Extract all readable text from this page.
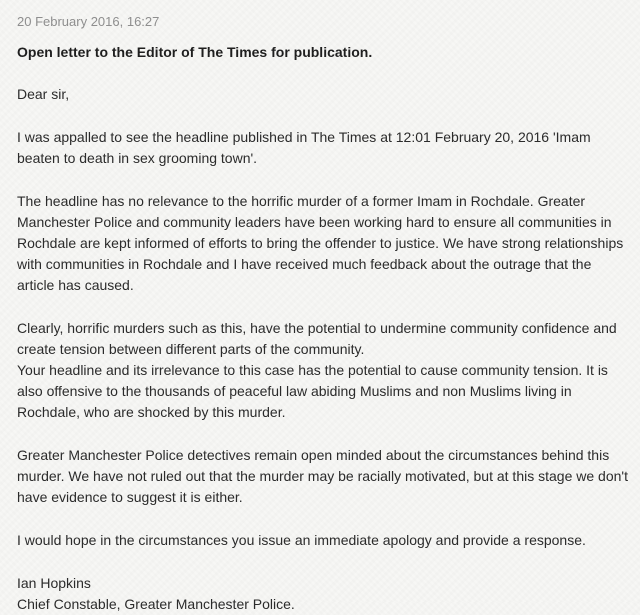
20 February 2016, 16:27
Open letter to the Editor of The Times for publication.
Dear sir,
I was appalled to see the headline published in The Times at 12:01 February 20, 2016 'Imam beaten to death in sex grooming town'.
The headline has no relevance to the horrific murder of a former Imam in Rochdale. Greater Manchester Police and community leaders have been working hard to ensure all communities in Rochdale are kept informed of efforts to bring the offender to justice. We have strong relationships with communities in Rochdale and I have received much feedback about the outrage that the article has caused.
Clearly, horrific murders such as this, have the potential to undermine community confidence and create tension between different parts of the community.
Your headline and its irrelevance to this case has the potential to cause community tension. It is also offensive to the thousands of peaceful law abiding Muslims and non Muslims living in Rochdale, who are shocked by this murder.
Greater Manchester Police detectives remain open minded about the circumstances behind this murder. We have not ruled out that the murder may be racially motivated, but at this stage we don't have evidence to suggest it is either.
I would hope in the circumstances you issue an immediate apology and provide a response.
Ian Hopkins
Chief Constable, Greater Manchester Police.
